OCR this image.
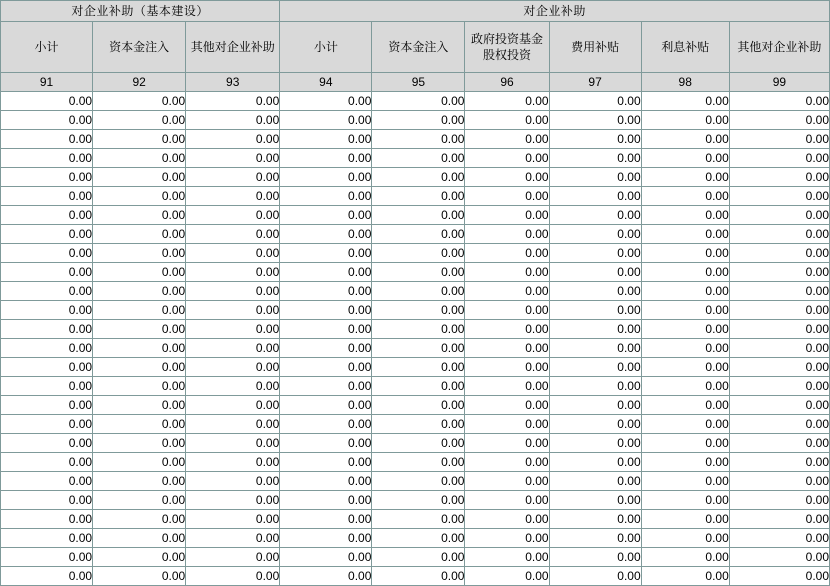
对企业补助（基本建设）			对企业补助					
小计	资本金注入	其他对企业补助	小计	资本金注入	政府投资基金股权投资	费用补贴	利息补贴	其他对企业补助
91	92	93	94	95	96	97	98	99
0.00	0.00	0.00	0.00	0.00	0.00	0.00	0.00	0.00
0.00	0.00	0.00	0.00	0.00	0.00	0.00	0.00	0.00
0.00	0.00	0.00	0.00	0.00	0.00	0.00	0.00	0.00
0.00	0.00	0.00	0.00	0.00	0.00	0.00	0.00	0.00
0.00	0.00	0.00	0.00	0.00	0.00	0.00	0.00	0.00
0.00	0.00	0.00	0.00	0.00	0.00	0.00	0.00	0.00
0.00	0.00	0.00	0.00	0.00	0.00	0.00	0.00	0.00
0.00	0.00	0.00	0.00	0.00	0.00	0.00	0.00	0.00
0.00	0.00	0.00	0.00	0.00	0.00	0.00	0.00	0.00
0.00	0.00	0.00	0.00	0.00	0.00	0.00	0.00	0.00
0.00	0.00	0.00	0.00	0.00	0.00	0.00	0.00	0.00
0.00	0.00	0.00	0.00	0.00	0.00	0.00	0.00	0.00
0.00	0.00	0.00	0.00	0.00	0.00	0.00	0.00	0.00
0.00	0.00	0.00	0.00	0.00	0.00	0.00	0.00	0.00
0.00	0.00	0.00	0.00	0.00	0.00	0.00	0.00	0.00
0.00	0.00	0.00	0.00	0.00	0.00	0.00	0.00	0.00
0.00	0.00	0.00	0.00	0.00	0.00	0.00	0.00	0.00
0.00	0.00	0.00	0.00	0.00	0.00	0.00	0.00	0.00
0.00	0.00	0.00	0.00	0.00	0.00	0.00	0.00	0.00
0.00	0.00	0.00	0.00	0.00	0.00	0.00	0.00	0.00
0.00	0.00	0.00	0.00	0.00	0.00	0.00	0.00	0.00
0.00	0.00	0.00	0.00	0.00	0.00	0.00	0.00	0.00
0.00	0.00	0.00	0.00	0.00	0.00	0.00	0.00	0.00
0.00	0.00	0.00	0.00	0.00	0.00	0.00	0.00	0.00
0.00	0.00	0.00	0.00	0.00	0.00	0.00	0.00	0.00
0.00	0.00	0.00	0.00	0.00	0.00	0.00	0.00	0.00
